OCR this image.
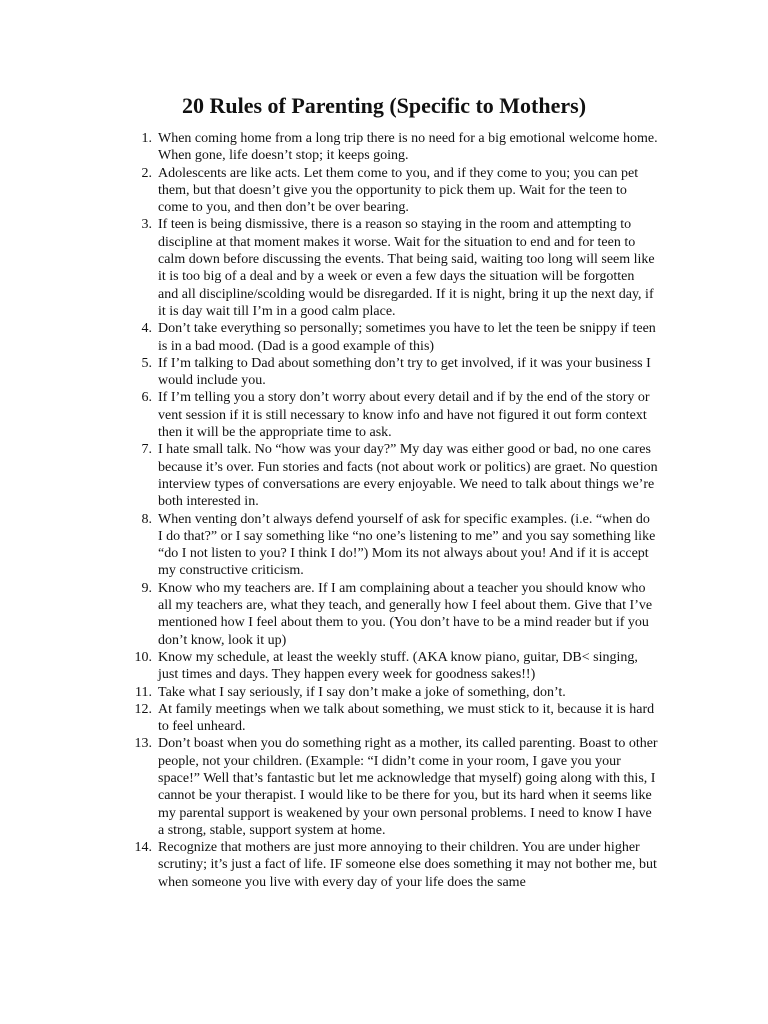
20 Rules of Parenting (Specific to Mothers)
1. When coming home from a long trip there is no need for a big emotional welcome home. When gone, life doesn’t stop; it keeps going.
2. Adolescents are like acts. Let them come to you, and if they come to you; you can pet them, but that doesn’t give you the opportunity to pick them up. Wait for the teen to come to you, and then don’t be over bearing.
3. If teen is being dismissive, there is a reason so staying in the room and attempting to discipline at that moment makes it worse. Wait for the situation to end and for teen to calm down before discussing the events. That being said, waiting too long will seem like it is too big of a deal and by a week or even a few days the situation will be forgotten and all discipline/scolding would be disregarded. If it is night, bring it up the next day, if it is day wait till I’m in a good calm place.
4. Don’t take everything so personally; sometimes you have to let the teen be snippy if teen is in a bad mood. (Dad is a good example of this)
5. If I’m talking to Dad about something don’t try to get involved, if it was your business I would include you.
6. If I’m telling you a story don’t worry about every detail and if by the end of the story or vent session if it is still necessary to know info and have not figured it out form context then it will be the appropriate time to ask.
7. I hate small talk. No “how was your day?” My day was either good or bad, no one cares because it’s over. Fun stories and facts (not about work or politics) are graet. No question interview types of conversations are every enjoyable. We need to talk about things we’re both interested in.
8. When venting don’t always defend yourself of ask for specific examples. (i.e. “when do I do that?” or I say something like “no one’s listening to me” and you say something like “do I not listen to you? I think I do!”) Mom its not always about you! And if it is accept my constructive criticism.
9. Know who my teachers are. If I am complaining about a teacher you should know who all my teachers are, what they teach, and generally how I feel about them. Give that I’ve mentioned how I feel about them to you. (You don’t have to be a mind reader but if you don’t know, look it up)
10. Know my schedule, at least the weekly stuff. (AKA know piano, guitar, DB< singing, just times and days. They happen every week for goodness sakes!!)
11. Take what I say seriously, if I say don’t make a joke of something, don’t.
12. At family meetings when we talk about something, we must stick to it, because it is hard to feel unheard.
13. Don’t boast when you do something right as a mother, its called parenting. Boast to other people, not your children. (Example: “I didn’t come in your room, I gave you your space!” Well that’s fantastic but let me acknowledge that myself) going along with this, I cannot be your therapist. I would like to be there for you, but its hard when it seems like my parental support is weakened by your own personal problems. I need to know I have a strong, stable, support system at home.
14. Recognize that mothers are just more annoying to their children. You are under higher scrutiny; it’s just a fact of life. IF someone else does something it may not bother me, but when someone you live with every day of your life does the same
